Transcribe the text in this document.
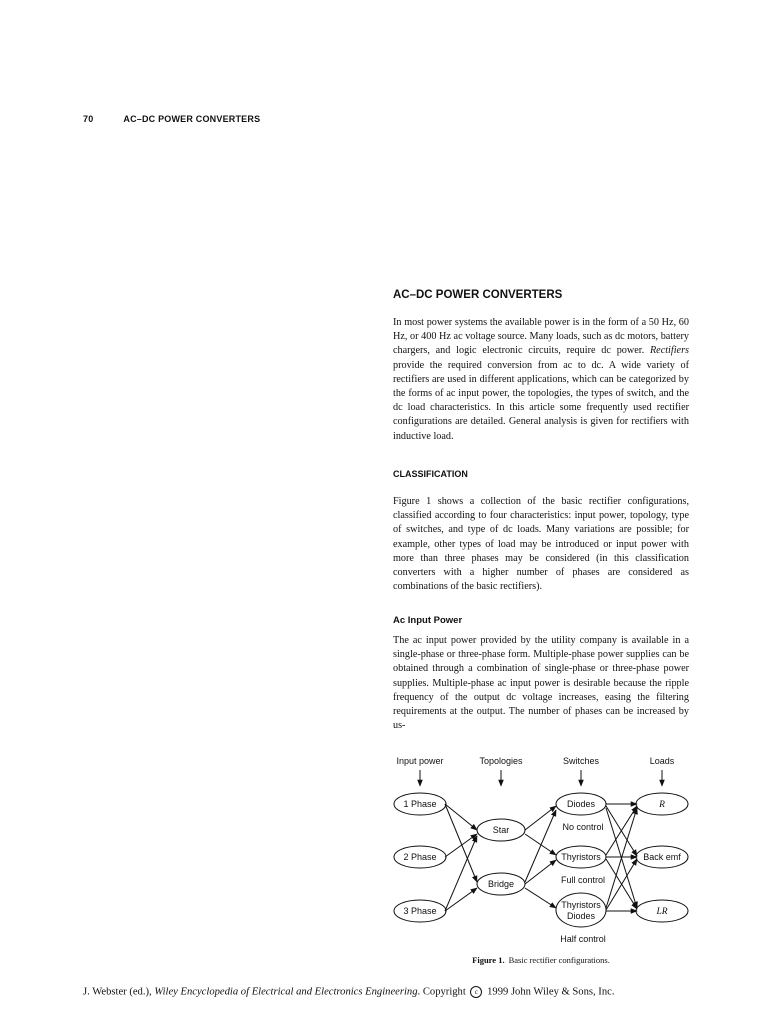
70	AC–DC POWER CONVERTERS
AC–DC POWER CONVERTERS

In most power systems the available power is in the form of a 50 Hz, 60 Hz, or 400 Hz ac voltage source. Many loads, such as dc motors, battery chargers, and logic electronic circuits, require dc power. Rectifiers provide the required conversion from ac to dc. A wide variety of rectifiers are used in different applications, which can be categorized by the forms of ac input power, the topologies, the types of switch, and the dc load characteristics. In this article some frequently used rectifier configurations are detailed. General analysis is given for rectifiers with inductive load.

CLASSIFICATION

Figure 1 shows a collection of the basic rectifier configurations, classified according to four characteristics: input power, topology, type of switches, and type of dc loads. Many variations are possible; for example, other types of load may be introduced or input power with more than three phases may be considered (in this classification converters with a higher number of phases are considered as combinations of the basic rectifiers).

Ac Input Power

The ac input power provided by the utility company is available in a single-phase or three-phase form. Multiple-phase power supplies can be obtained through a combination of single-phase or three-phase power supplies. Multiple-phase ac input power is desirable because the ripple frequency of the output dc voltage increases, easing the filtering requirements at the output. The number of phases can be increased by us-

Input power	Topologies	Switches	Loads
1 Phase
2 Phase
3 Phase
Star
Bridge
Diodes
Thyristors
Thyristors
Diodes
No control
Full control
Half control
Back emf
R
LR

Figure 1. Basic rectifier configurations.

J. Webster (ed.), Wiley Encyclopedia of Electrical and Electronics Engineering. Copyright c 1999 John Wiley & Sons, Inc.
